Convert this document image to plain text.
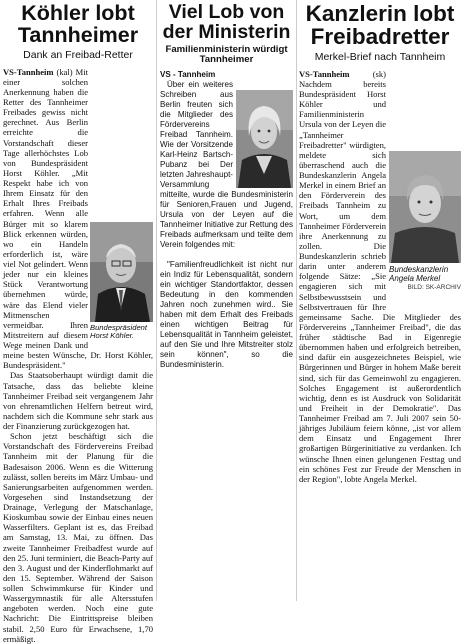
Köhler lobt Tannheimer
Dank an Freibad-Retter
Bundespräsident Horst Köhler.

VS-Tannheim (kal) Mit einer solchen Anerkennung haben die Retter des Tannheimer Freibades gewiss nicht gerechnet. Aus Berlin erreichte die Vorstandschaft dieser Tage allerhöchstes Lob von Bundespräsident Horst Köhler. „Mit Respekt habe ich von Ihrem Einsatz für den Erhalt Ihres Freibads erfahren. Wenn alle Bürger mit so klarem Blick erkennen würden, wo ein Handeln erforderlich ist, wäre viel Not gelindert. Wenn jeder nur ein kleines Stück Verantwortung übernehmen würde, wäre das Elend vieler Mitmenschen vermeidbar. Ihren Mitstreitern auf diesem Wege meinen Dank und meine besten Wünsche, Dr. Horst Köhler, Bundespräsident."

Das Staatsoberhaupt würdigt damit die Tatsache, dass das beliebte kleine Tannheimer Freibad seit vergangenem Jahr von ehrenamtlichen Helfern betreut wird, nachdem sich die Kommune sehr stark aus der Finanzierung zurückgezogen hat.

Schon jetzt beschäftigt sich die Vorstandschaft des Fördervereins Freibad Tannheim mit der Planung für die Badesaison 2006. Wenn es die Witterung zulässt, sollen bereits im März Umbau- und Sanierungsarbeiten aufgenommen werden. Vorgesehen sind Instandsetzung der Drainage, Verlegung der Matschanlage, Kioskumbau sowie der Einbau eines neuen Wasserfilters. Geplant ist es, das Freibad am Samstag, 13. Mai, zu öffnen. Das zweite Tannheimer Freibadfest wurde auf den 25. Juni terminiert, die Beach-Party auf den 3. August und der Kinderflohmarkt auf den 15. September. Während der Saison sollen Schwimmkurse für Kinder und Wassergymnastik für alle Altersstufen angeboten werden. Noch eine gute Nachricht: Die Eintrittspreise bleiben stabil. 2,50 Euro für Erwachsene, 1,70 ermäßigt.

Viel Lob von der Ministerin
Familienministerin würdigt Tannheimer

VS - Tannheim

Über ein weiteres Schreiben aus Berlin freuten sich die Mitglieder des Fördervereins Freibad Tannheim. Wie der Vorsitzende Karl-Heinz Bartsch-Pubanz bei Der letzten Jahreshaupt-Versammlung mitteilte, wurde die Bundesministerin für Senioren,Frauen und Jugend, Ursula von der Leyen auf die Tannheimer Initiative zur Rettung des Freibads aufmerksam und teilte dem Verein folgendes mit:

"Familienfreudlichkeit ist nicht nur ein Indiz für Lebensqualität, sondern ein wichtiger Standortfaktor, dessen Bedeutung in den kommenden Jahren noch zunehmen wird.. Sie haben mit dem Erhalt des Freibads einen wichtigen Beitrag für Lebensqualität in Tannheim geleistet, auf den Sie und Ihre Mitstreiter stolz sein können", so die Bundesministerin.

Kanzlerin lobt Freibadretter
Merkel-Brief nach Tannheim
Bundeskanzlerin Angela Merkel
BILD: SK-ARCHIV

VS-Tannheim (sk) Nachdem bereits Bundespräsident Horst Köhler und Familienministerin Ursula von der Leyen die „Tannheimer Freibadretter" würdigten, meldete sich überraschend auch die Bundeskanzlerin Angela Merkel in einem Brief an den Förderverein des Freibads Tannheim zu Wort, um dem Tannheimer Förderverein ihre Anerkennung zu zollen. Die Bundeskanzlerin schrieb darin unter anderem folgende Sätze: „Sie engagieren sich mit Selbstbewusstsein und Selbstvertrauen für Ihre gemeinsame Sache. Die Mitglieder des Fördervereins „Tannheimer Freibad", die das früher städtische Bad in Eigenregie übernommen haben und erfolgreich betreiben, sind dafür ein ausgezeichnetes Beispiel, wie Bürgerinnen und Bürger in hohem Maße bereit sind, sich für das Gemeinwohl zu engagieren. Solches Engagement ist außerordentlich wichtig, denn es ist Ausdruck von Solidarität und Freiheit in der Demokratie". Das Tannheimer Freibad am 7. Juli 2007 sein 50-jähriges Jubiläum feiern könne, „ist vor allem dem Einsatz und Engagement Ihrer großartigen Bürgerinitiative zu verdanken. Ich wünsche Ihnen einen gelungenen Festtag und ein schönes Fest zur Freude der Menschen in der Region", lobte Angela Merkel.
